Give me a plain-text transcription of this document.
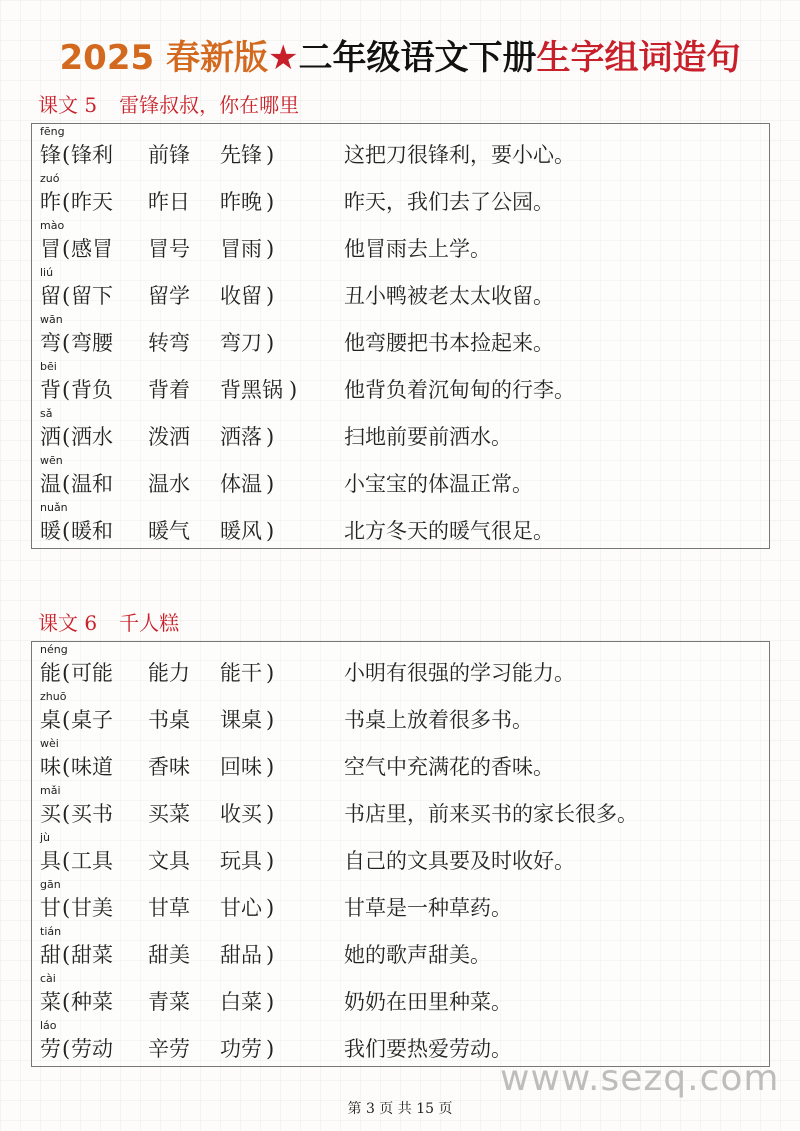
2025 春新版★二年级语文下册生字组词造句
课文 5 雷锋叔叔，你在哪里
fēng
锋 ( 锋利 前锋 先锋 )	这把刀很锋利，要小心。
zuó
昨 ( 昨天 昨日 昨晚 )	昨天，我们去了公园。
mào
冒 ( 感冒 冒号 冒雨 )	他冒雨去上学。
liú
留 ( 留下 留学 收留 )	丑小鸭被老太太收留。
wān
弯 ( 弯腰 转弯 弯刀 )	他弯腰把书本捡起来。
bēi
背 ( 背负 背着 背黑锅 ) 他背负着沉甸甸的行李。
sǎ
洒 ( 洒水 泼洒 洒落 )	扫地前要前洒水。
wēn
温 ( 温和 温水 体温 )	小宝宝的体温正常。
nuǎn
暖 ( 暖和 暖气 暖风 )	北方冬天的暖气很足。
课文 6 千人糕
néng
能 ( 可能 能力 能干 )	小明有很强的学习能力。
zhuō
桌 ( 桌子 书桌 课桌 )	书桌上放着很多书。
wèi
味 ( 味道 香味 回味 )	空气中充满花的香味。
mǎi
买 ( 买书 买菜 收买 )	书店里，前来买书的家长很多。
jù
具 ( 工具 文具 玩具 )	自己的文具要及时收好。
gān
甘 ( 甘美 甘草 甘心 )	甘草是一种草药。
tián
甜 ( 甜菜 甜美 甜品 )	她的歌声甜美。
cài
菜 ( 种菜 青菜 白菜 )	奶奶在田里种菜。
láo
劳 ( 劳动 辛劳 功劳 )	我们要热爱劳动。
www.sezq.com
第 3 页 共 15 页
